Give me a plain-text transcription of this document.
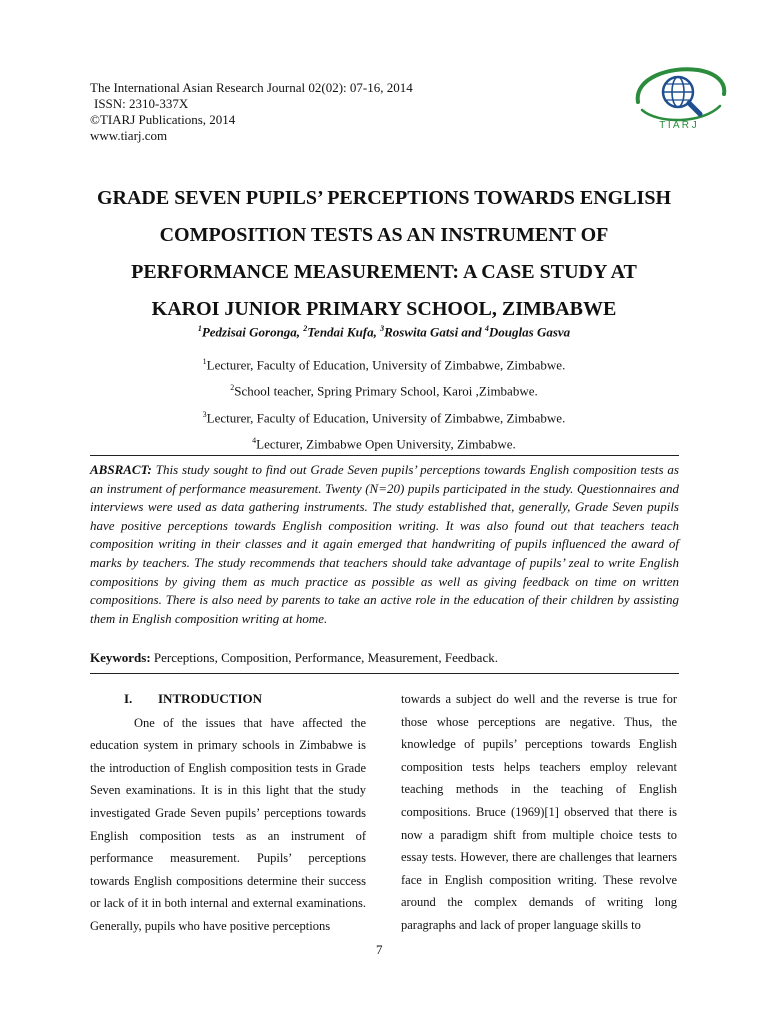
The International Asian Research Journal 02(02): 07-16, 2014
ISSN: 2310-337X
©TIARJ Publications, 2014
www.tiarj.com
T I A R J
GRADE SEVEN PUPILS’ PERCEPTIONS TOWARDS ENGLISH
COMPOSITION TESTS AS AN INSTRUMENT OF
PERFORMANCE MEASUREMENT: A CASE STUDY AT
KAROI JUNIOR PRIMARY SCHOOL, ZIMBABWE
$^1$Pedzisai Goronga, $^2$Tendai Kufa, $^3$Roswita Gatsi and $^4$Douglas Gasva
$^1$Lecturer, Faculty of Education, University of Zimbabwe, Zimbabwe.
$^2$School teacher, Spring Primary School, Karoi ,Zimbabwe.
$^3$Lecturer, Faculty of Education, University of Zimbabwe, Zimbabwe.
$^4$Lecturer, Zimbabwe Open University, Zimbabwe.
ABSRACT: This study sought to find out Grade Seven pupils’ perceptions towards English composition tests as an instrument of performance measurement. Twenty (N=20) pupils participated in the study. Questionnaires and interviews were used as data gathering instruments. The study established that, generally, Grade Seven pupils have positive perceptions towards English composition writing. It was also found out that teachers teach composition writing in their classes and it again emerged that handwriting of pupils influenced the award of marks by teachers. The study recommends that teachers should take advantage of pupils’ zeal to write English compositions by giving them as much practice as possible as well as giving feedback on time on written compositions. There is also need by parents to take an active role in the education of their children by assisting them in English composition writing at home.
Keywords: Perceptions, Composition, Performance, Measurement, Feedback.
I. INTRODUCTION
One of the issues that have affected the education system in primary schools in Zimbabwe is the introduction of English composition tests in Grade Seven examinations. It is in this light that the study investigated Grade Seven pupils’ perceptions towards English composition tests as an instrument of performance measurement. Pupils’ perceptions towards English compositions determine their success or lack of it in both internal and external examinations. Generally, pupils who have positive perceptions
towards a subject do well and the reverse is true for those whose perceptions are negative. Thus, the knowledge of pupils’ perceptions towards English composition tests helps teachers employ relevant teaching methods in the teaching of English compositions. Bruce (1969)[1] observed that there is now a paradigm shift from multiple choice tests to essay tests. However, there are challenges that learners face in English composition writing. These revolve around the complex demands of writing long paragraphs and lack of proper language skills to
7
